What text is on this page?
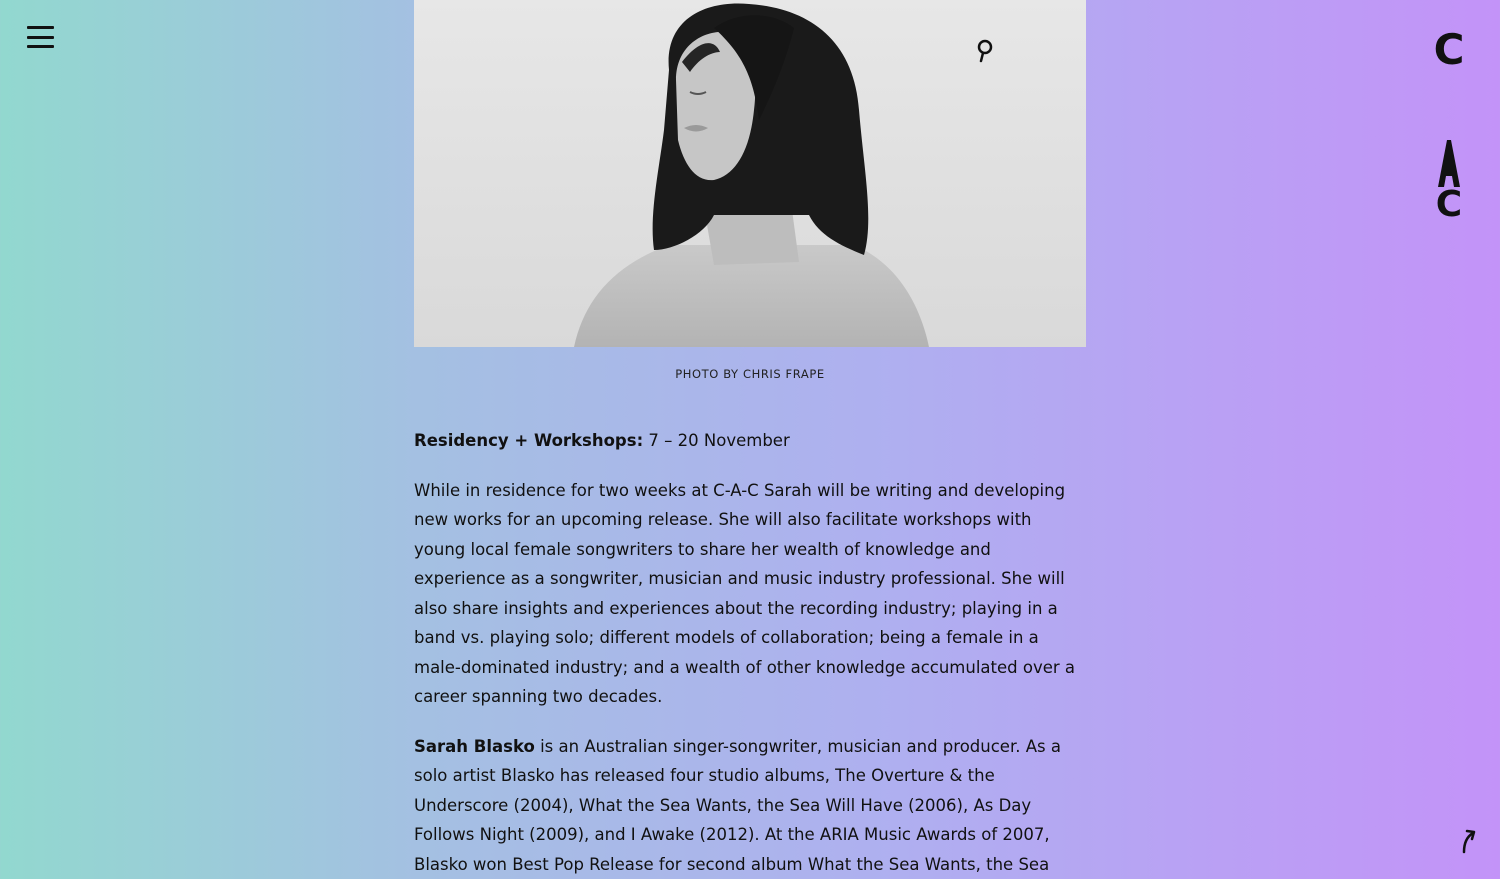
C
C

PHOTO BY CHRIS FRAPE

Residency + Workshops: 7 – 20 November

While in residence for two weeks at C-A-C Sarah will be writing and developing new works for an upcoming release. She will also facilitate workshops with young local female songwriters to share her wealth of knowledge and experience as a songwriter, musician and music industry professional. She will also share insights and experiences about the recording industry; playing in a band vs. playing solo; different models of collaboration; being a female in a male-dominated industry; and a wealth of other knowledge accumulated over a career spanning two decades.

Sarah Blasko is an Australian singer-songwriter, musician and producer. As a solo artist Blasko has released four studio albums, The Overture & the Underscore (2004), What the Sea Wants, the Sea Will Have (2006), As Day Follows Night (2009), and I Awake (2012). At the ARIA Music Awards of 2007, Blasko won Best Pop Release for second album What the Sea Wants, the Sea
